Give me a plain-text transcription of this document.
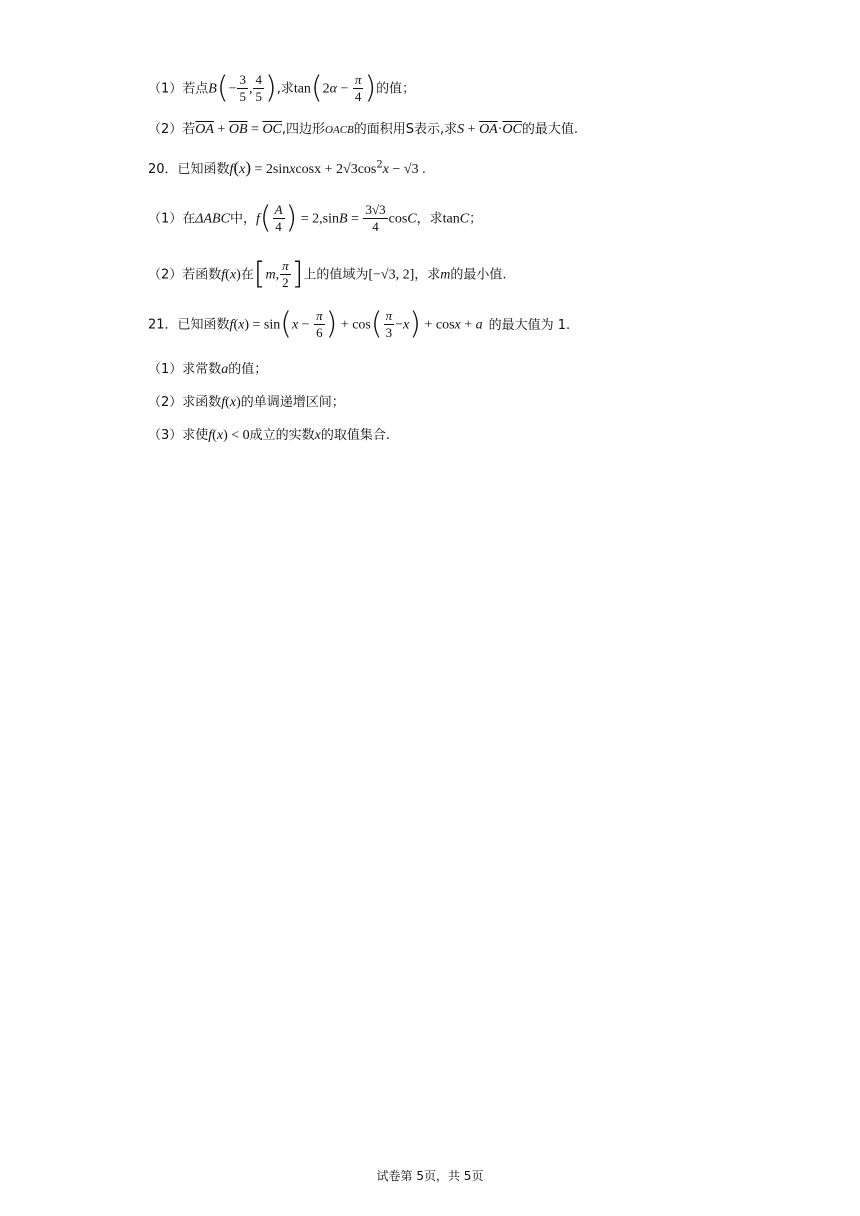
（1）若点$B(- \frac{3}{5}$ , $\frac{4}{5}$ ),求$\tan(2\alpha - \frac{\pi}{4}$ )的值；
（2）若$\overline{OA} + \overline{OB} = \overline{OC}$,四边形OACB的面积用S表示,求$S + \overline{OA}\cdot\overline{OC}$的最大值.
20．已知函数f(x) = 2sinxcosx + $2√3\cos^2x - √3$ .
（1）在ΔABC中，$f( \frac{A}{4}$ ) = $2,\sin B = \frac{3√3}{4}$ cosC，求tanC；
（2）若函数f(x)在[m, $\frac{\pi}{2}$ ]上的值域为[−√3, 2]，求m的最小值.
21．已知函数$f(x) = \sin(x - \frac{\pi}{6}$ ) + $\cos( \frac{\pi}{3} -x) + \cos x + a$ 的最大值为 1.
（1）求常数a的值；
（2）求函数f(x)的单调递增区间；
（3）求使f(x) < 0成立的实数x的取值集合.
试卷第 5页，共 5页
